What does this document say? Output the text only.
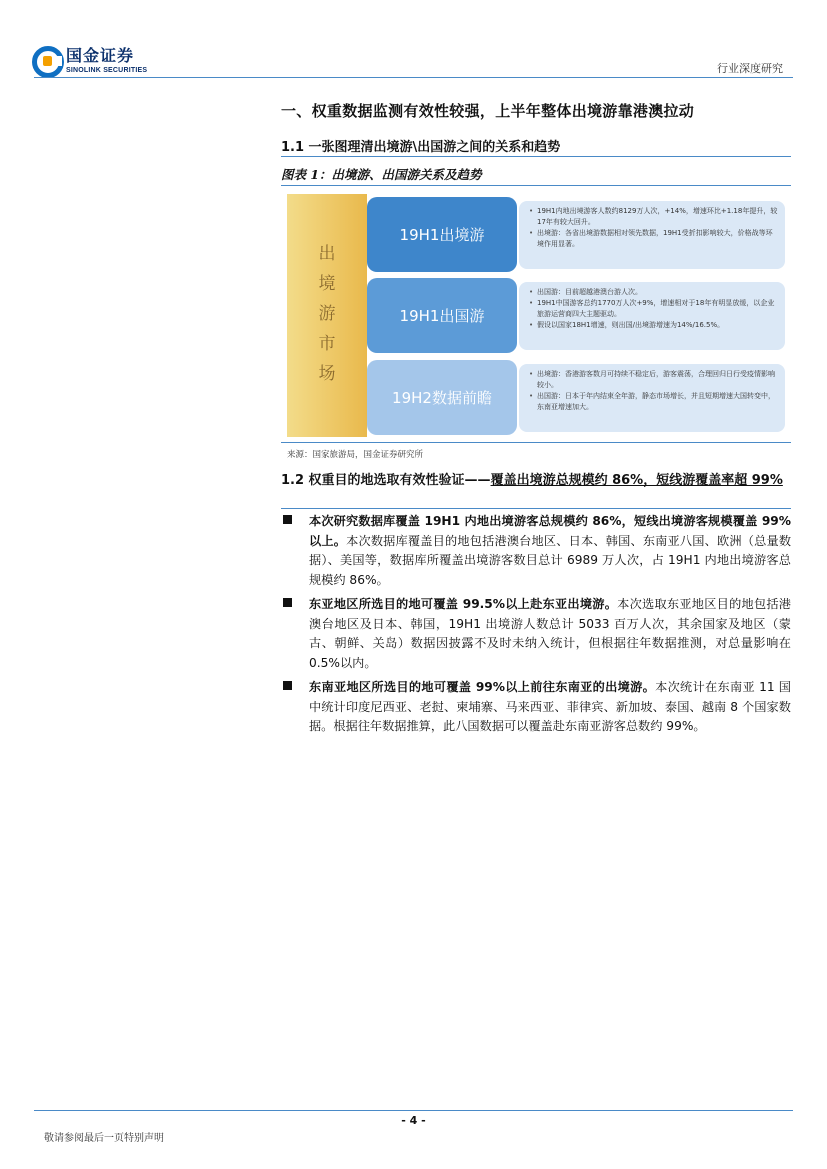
国金证券
SINOLINK SECURITIES	行业深度研究
一、权重数据监测有效性较强，上半年整体出境游靠港澳拉动
1.1 一张图理清出境游\出国游之间的关系和趋势
图表 1：出境游、出国游关系及趋势
出境游市场
19H1出境游
19H1出国游
19H2数据前瞻
• 19H1内地出境游客人数约8129万人次，+14%，增速环比+1.18年提升，较17年有较大回升。
• 出境游：各省出境游数据相对领先数据，19H1受折扣影响较大，价格战等环境作用显著。
• 出国游：目前超越港澳台游人次。
• 19H1中国游客总约1770万人次+9%，增速相对于18年有明显放缓，以企业旅游运营商四大主题驱动。
• 假设以国家18H1增速，则出国/出境游增速为14%/16.5%。
• 出境游：香港游客数月可持续不稳定后，游客震荡，合理回归日行受疫情影响较小。
• 出国游：日本于年内结束全年游，静态市场增长，并且短期增速大国转变中，东南亚增速加大。
来源：国家旅游局，国金证券研究所
1.2 权重目的地选取有效性验证——覆盖出境游总规模约 86%，短线游覆盖率超 99%
本次研究数据库覆盖 19H1 内地出境游客总规模约 86%，短线出境游客规模覆盖 99%以上。本次数据库覆盖目的地包括港澳台地区、日本、韩国、东南亚八国、欧洲（总量数据）、美国等，数据库所覆盖出境游客数目总计 6989 万人次，占 19H1 内地出境游客总规模约 86%。
东亚地区所选目的地可覆盖 99.5%以上赴东亚出境游。本次选取东亚地区目的地包括港澳台地区及日本、韩国，19H1 出境游人数总计 5033 百万人次，其余国家及地区（蒙古、朝鲜、关岛）数据因披露不及时未纳入统计，但根据往年数据推测，对总量影响在 0.5%以内。
东南亚地区所选目的地可覆盖 99%以上前往东南亚的出境游。本次统计在东南亚 11 国中统计印度尼西亚、老挝、柬埔寨、马来西亚、菲律宾、新加坡、泰国、越南 8 个国家数据。根据往年数据推算，此八国数据可以覆盖赴东南亚游客总数约 99%。
- 4 -
敬请参阅最后一页特别声明
